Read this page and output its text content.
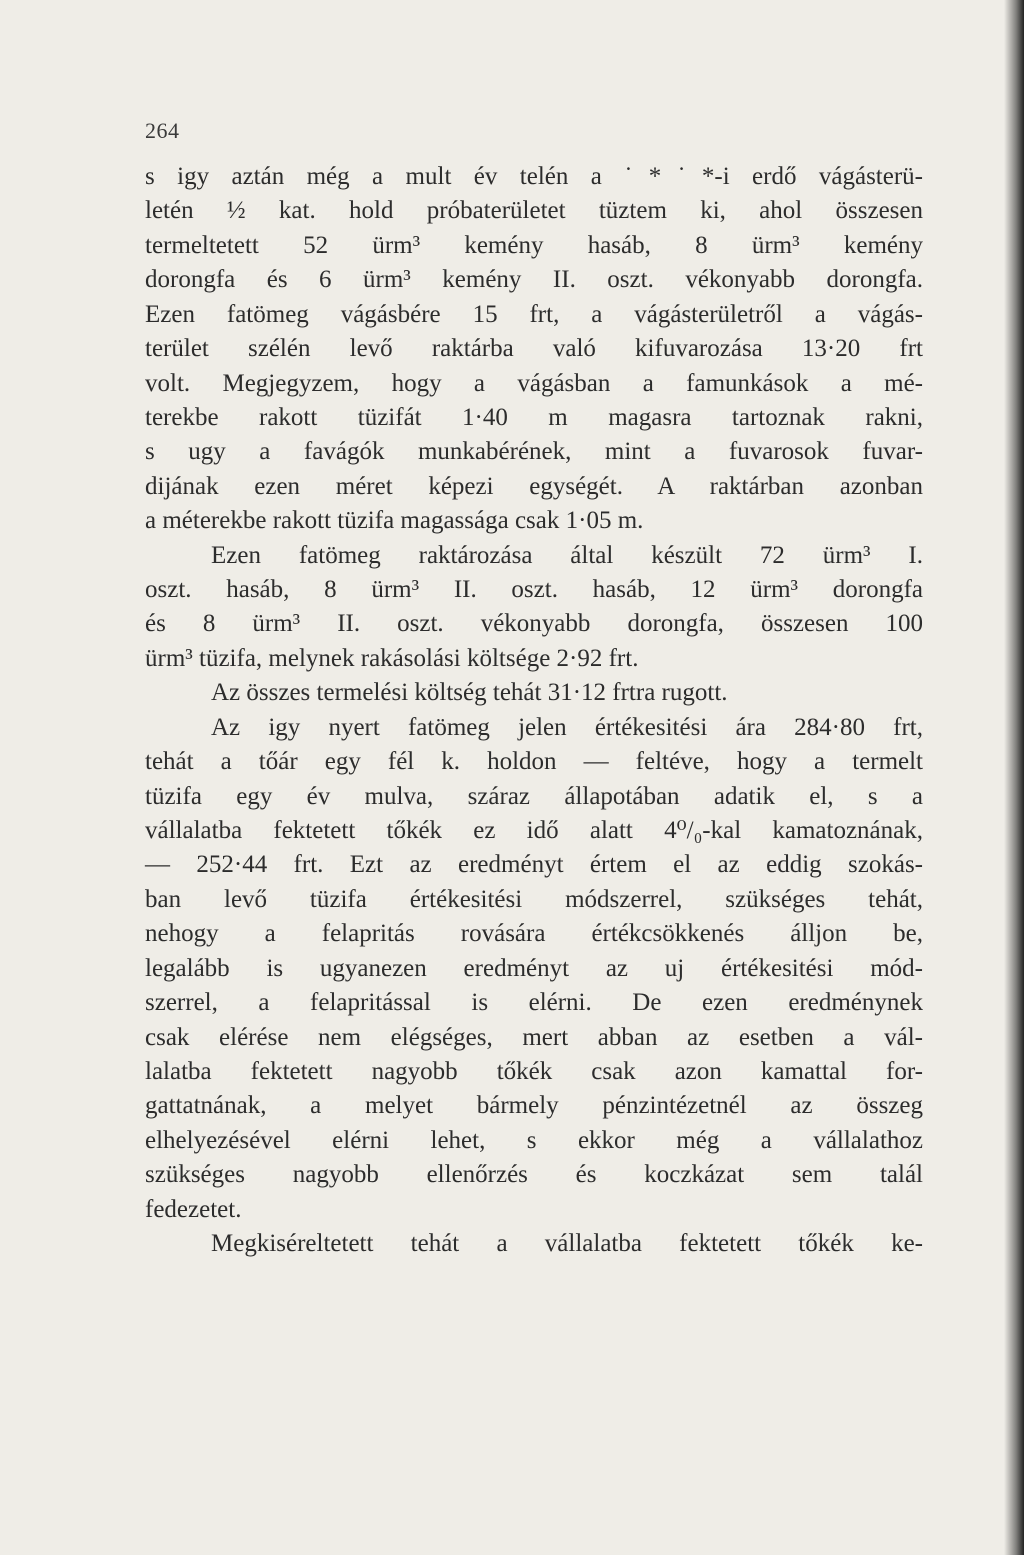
264
s igy aztán még a mult év telén a ˙*˙*-i erdő vágásterü-
letén ½ kat. hold próbaterületet tüztem ki, ahol összesen
termeltetett 52 ürm³ kemény hasáb, 8 ürm³ kemény
dorongfa és 6 ürm³ kemény II. oszt. vékonyabb dorongfa.
Ezen fatömeg vágásbére 15 frt, a vágásterületről a vágás-
terület szélén levő raktárba való kifuvarozása 13·20 frt
volt. Megjegyzem, hogy a vágásban a famunkások a mé-
terekbe rakott tüzifát 1·40 m magasra tartoznak rakni,
s ugy a favágók munkabérének, mint a fuvarosok fuvar-
dijának ezen méret képezi egységét. A raktárban azonban
a méterekbe rakott tüzifa magassága csak 1·05 m.
Ezen fatömeg raktározása által készült 72 ürm³ I.
oszt. hasáb, 8 ürm³ II. oszt. hasáb, 12 ürm³ dorongfa
és 8 ürm³ II. oszt. vékonyabb dorongfa, összesen 100
ürm³ tüzifa, melynek rakásolási költsége 2·92 frt.
Az összes termelési költség tehát 31·12 frtra rugott.
Az igy nyert fatömeg jelen értékesitési ára 284·80 frt,
tehát a tőár egy fél k. holdon — feltéve, hogy a termelt
tüzifa egy év mulva, száraz állapotában adatik el, s a
vállalatba fektetett tőkék ez idő alatt 4⁰/₀-kal kamatoznának,
— 252·44 frt. Ezt az eredményt értem el az eddig szokás-
ban levő tüzifa értékesitési módszerrel, szükséges tehát,
nehogy a felapritás rovására értékcsökkenés álljon be,
legalább is ugyanezen eredményt az uj értékesitési mód-
szerrel, a felapritással is elérni. De ezen eredménynek
csak elérése nem elégséges, mert abban az esetben a vál-
lalatba fektetett nagyobb tőkék csak azon kamattal for-
gattatnának, a melyet bármely pénzintézetnél az összeg
elhelyezésével elérni lehet, s ekkor még a vállalathoz
szükséges nagyobb ellenőrzés és koczkázat sem talál
fedezetet.
Megkiséreltetett tehát a vállalatba fektetett tőkék ke-
